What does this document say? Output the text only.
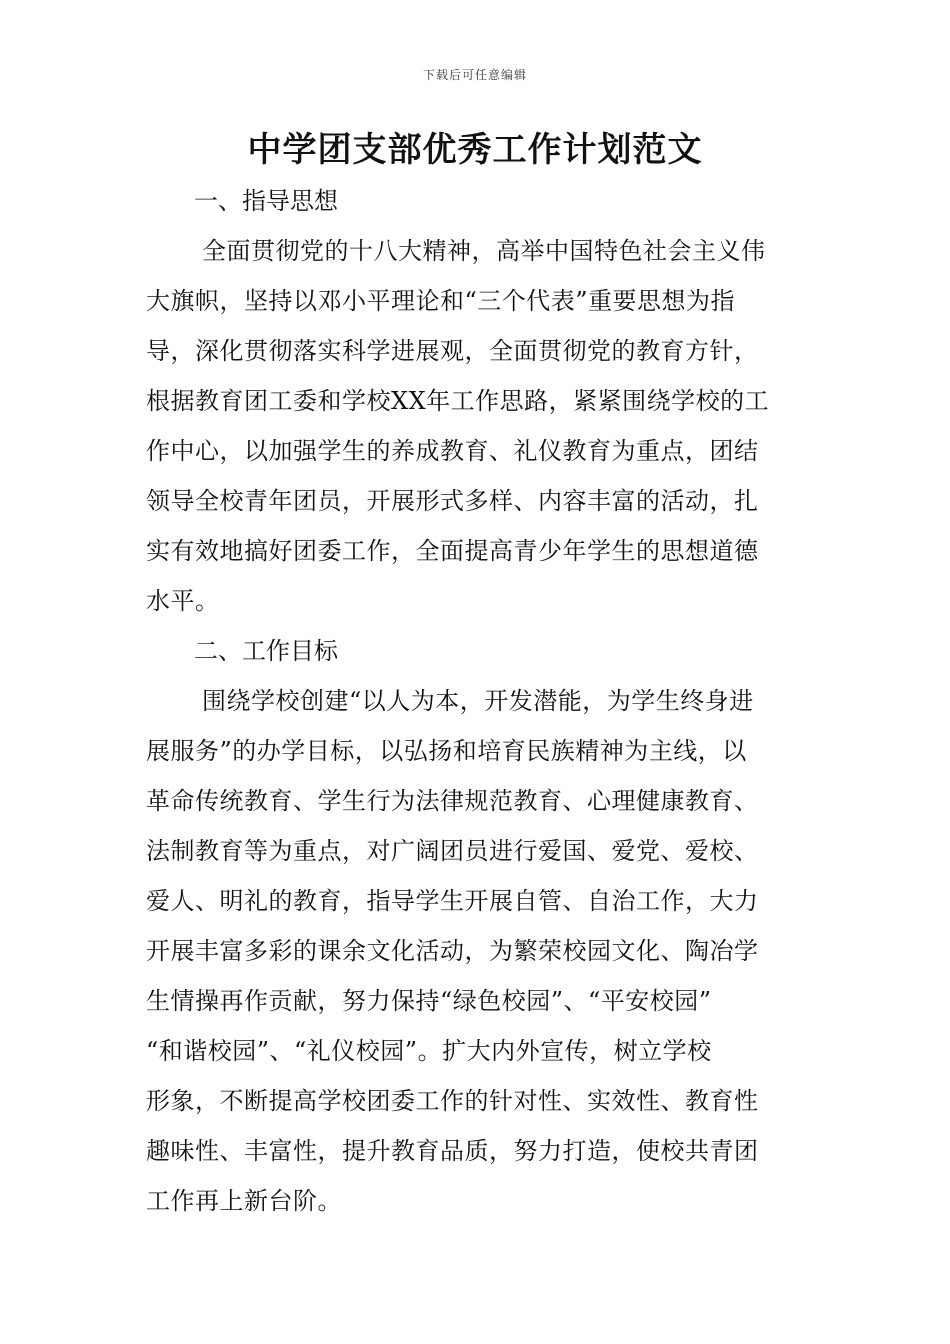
下载后可任意编辑
中学团支部优秀工作计划范文
一、指导思想
全面贯彻党的十八大精神，高举中国特色社会主义伟
大旗帜，坚持以邓小平理论和“三个代表”重要思想为指
导，深化贯彻落实科学进展观，全面贯彻党的教育方针，
根据教育团工委和学校XX年工作思路，紧紧围绕学校的工
作中心，以加强学生的养成教育、礼仪教育为重点，团结
领导全校青年团员，开展形式多样、内容丰富的活动，扎
实有效地搞好团委工作，全面提高青少年学生的思想道德
水平。
二、工作目标
围绕学校创建“以人为本，开发潜能，为学生终身进
展服务”的办学目标，以弘扬和培育民族精神为主线，以
革命传统教育、学生行为法律规范教育、心理健康教育、
法制教育等为重点，对广阔团员进行爱国、爱党、爱校、
爱人、明礼的教育，指导学生开展自管、自治工作，大力
开展丰富多彩的课余文化活动，为繁荣校园文化、陶冶学
生情操再作贡献，努力保持“绿色校园”、“平安校园”
“和谐校园”、“礼仪校园”。扩大内外宣传，树立学校
形象，不断提高学校团委工作的针对性、实效性、教育性
趣味性、丰富性，提升教育品质，努力打造，使校共青团
工作再上新台阶。
